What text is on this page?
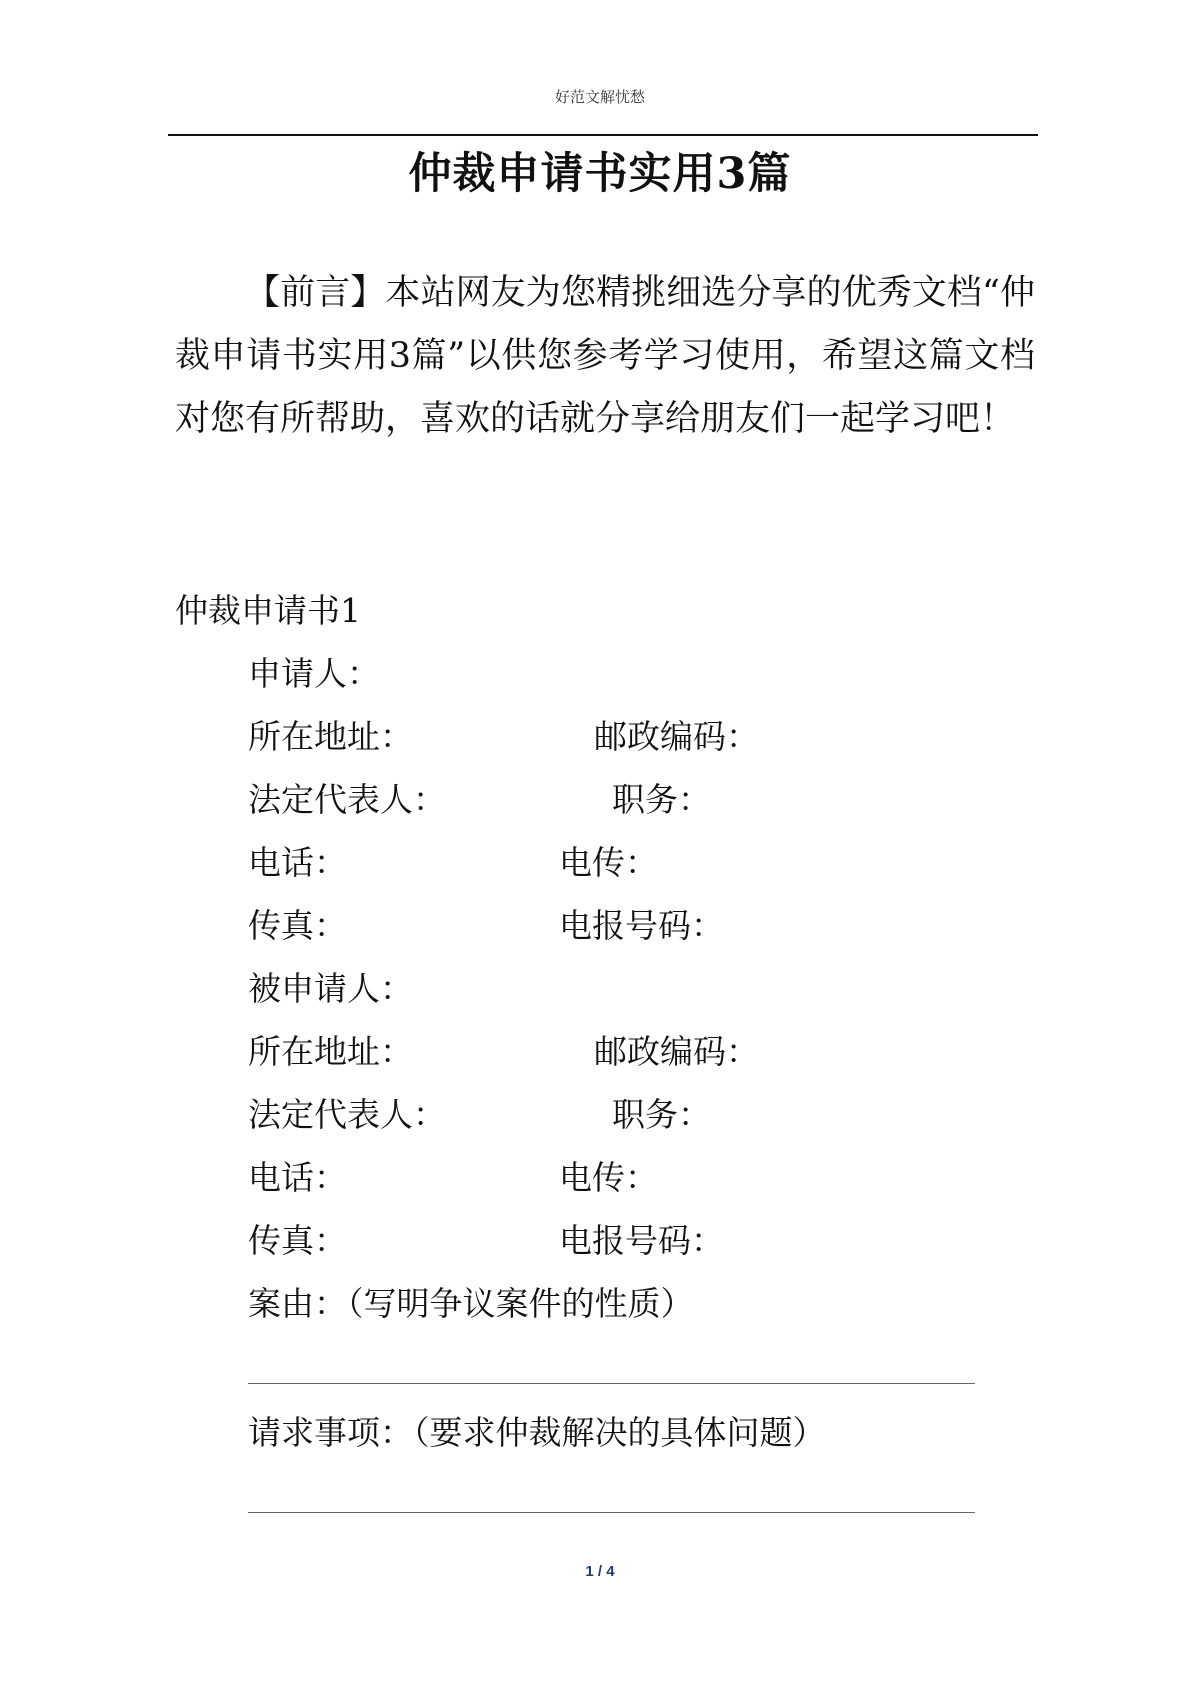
好范文解忧愁
仲裁申请书实用3篇
【前言】本站网友为您精挑细选分享的优秀文档“仲裁申请书实用3篇”以供您参考学习使用，希望这篇文档对您有所帮助，喜欢的话就分享给朋友们一起学习吧！
仲裁申请书1
申请人：
所在地址：	邮政编码：
法定代表人：	职务：
电话：	电传：
传真：	电报号码：
被申请人：
所在地址：	邮政编码：
法定代表人：	职务：
电话：	电传：
传真：	电报号码：
案由：（写明争议案件的性质）
请求事项：（要求仲裁解决的具体问题）
1 / 4
